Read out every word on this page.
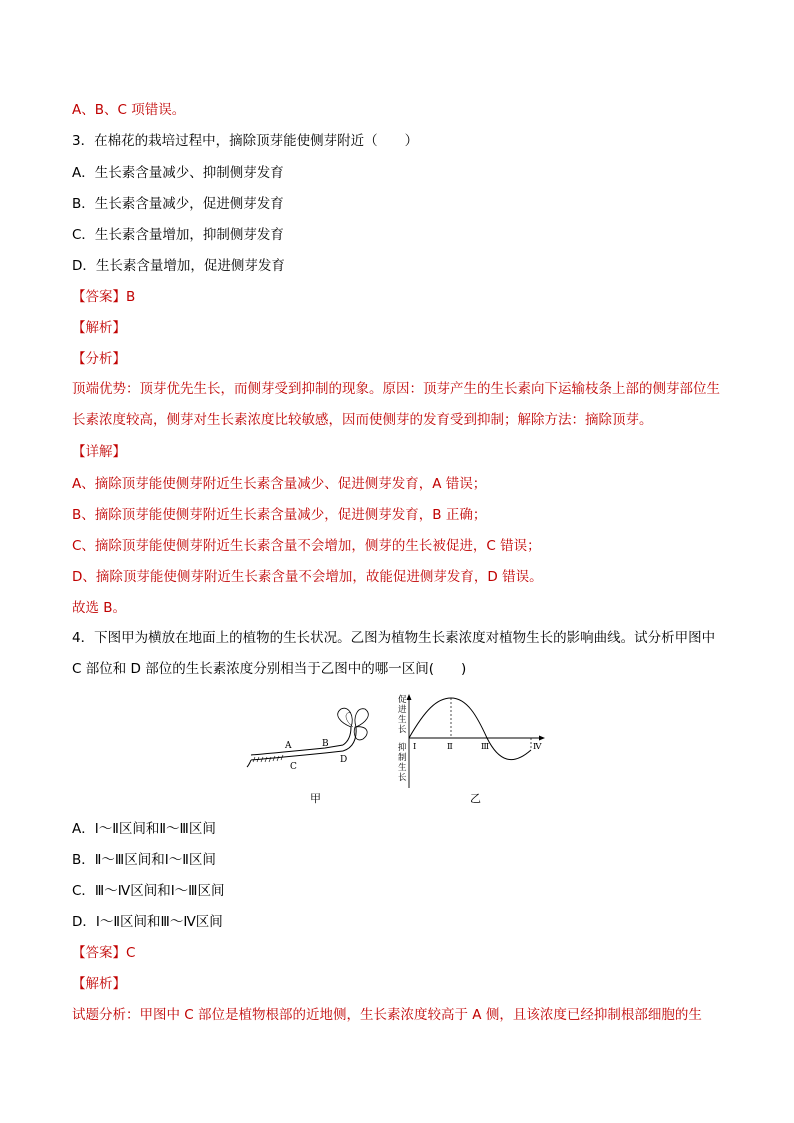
A、B、C 项错误。
3．在棉花的栽培过程中，摘除顶芽能使侧芽附近（　　）
A．生长素含量减少、抑制侧芽发育
B．生长素含量减少，促进侧芽发育
C．生长素含量增加，抑制侧芽发育
D．生长素含量增加，促进侧芽发育
【答案】B
【解析】
【分析】
顶端优势：顶芽优先生长，而侧芽受到抑制的现象。原因：顶芽产生的生长素向下运输枝条上部的侧芽部位生长素浓度较高，侧芽对生长素浓度比较敏感，因而使侧芽的发育受到抑制；解除方法：摘除顶芽。
【详解】
A、摘除顶芽能使侧芽附近生长素含量减少、促进侧芽发育，A 错误；
B、摘除顶芽能使侧芽附近生长素含量减少，促进侧芽发育，B 正确；
C、摘除顶芽能使侧芽附近生长素含量不会增加，侧芽的生长被促进，C 错误；
D、摘除顶芽能使侧芽附近生长素含量不会增加，故能促进侧芽发育，D 错误。
故选 B。
4．下图甲为横放在地面上的植物的生长状况。乙图为植物生长素浓度对植物生长的影响曲线。试分析甲图中 C 部位和 D 部位的生长素浓度分别相当于乙图中的哪一区间(　　)
A	B
C
D
甲
促 进 生 长
抑 制 生 长
Ⅰ	Ⅱ	Ⅲ	Ⅳ
乙
A．Ⅰ～Ⅱ区间和Ⅱ～Ⅲ区间
B．Ⅱ～Ⅲ区间和Ⅰ～Ⅱ区间
C．Ⅲ～Ⅳ区间和Ⅰ～Ⅲ区间
D．Ⅰ～Ⅱ区间和Ⅲ～Ⅳ区间
【答案】C
【解析】
试题分析：甲图中 C 部位是植物根部的近地侧，生长素浓度较高于 A 侧，且该浓度已经抑制根部细胞的生
